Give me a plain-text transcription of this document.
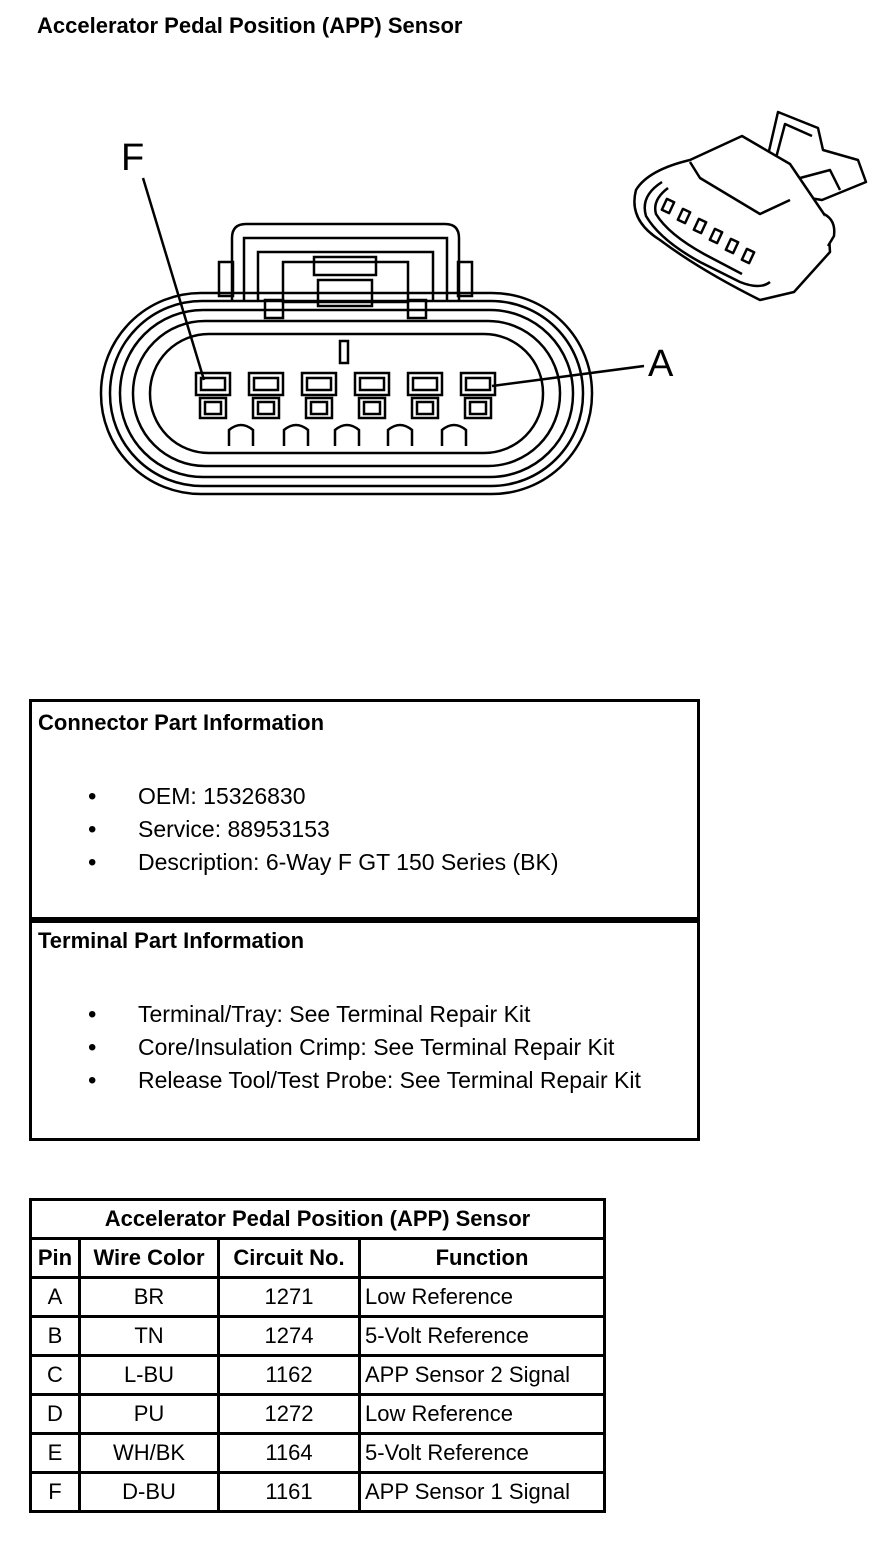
Accelerator Pedal Position (APP) Sensor
F
A
Connector Part Information
• OEM: 15326830
• Service: 88953153
• Description: 6-Way F GT 150 Series (BK)
Terminal Part Information
• Terminal/Tray: See Terminal Repair Kit
• Core/Insulation Crimp: See Terminal Repair Kit
• Release Tool/Test Probe: See Terminal Repair Kit
Accelerator Pedal Position (APP) Sensor			
Pin	Wire Color	Circuit No.	Function
A	BR	1271	Low Reference
B	TN	1274	5-Volt Reference
C	L-BU	1162	APP Sensor 2 Signal
D	PU	1272	Low Reference
E	WH/BK	1164	5-Volt Reference
F	D-BU	1161	APP Sensor 1 Signal
